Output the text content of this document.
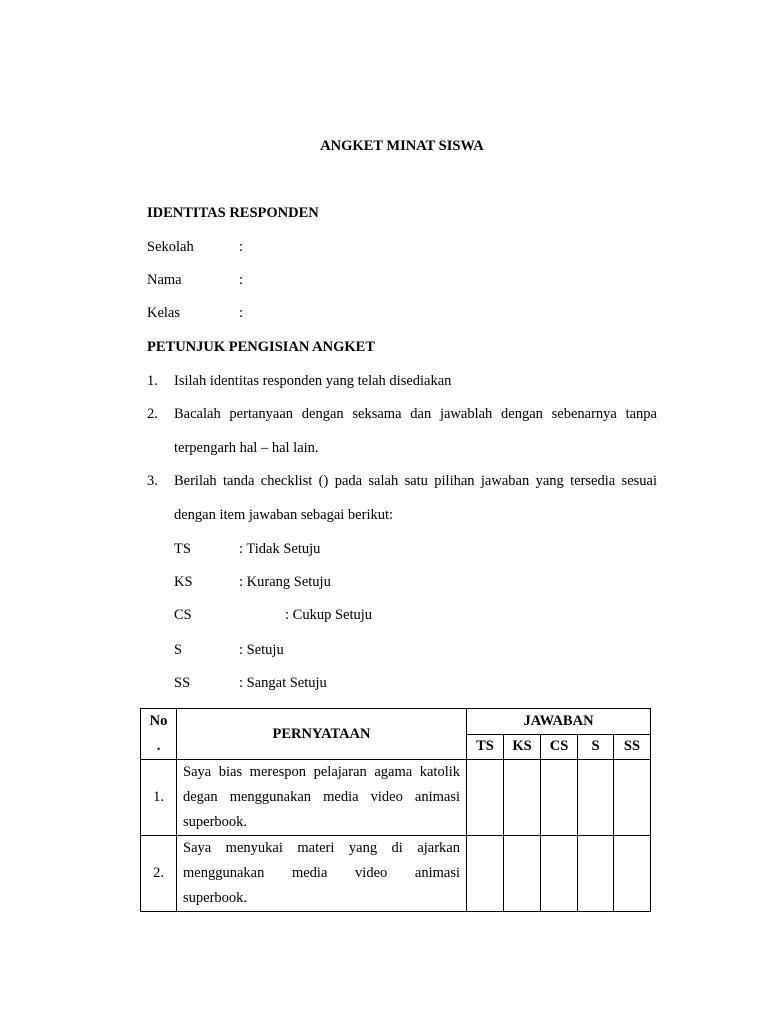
ANGKET MINAT SISWA
IDENTITAS RESPONDEN
Sekolah	:
Nama	:
Kelas	:
PETUNJUK PENGISIAN ANGKET
1. Isilah identitas responden yang telah disediakan
2. Bacalah pertanyaan dengan seksama dan jawablah dengan sebenarnya tanpa
terpengarh hal – hal lain.
3. Berilah tanda checklist () pada salah satu pilihan jawaban yang tersedia sesuai
dengan item jawaban sebagai berikut:
TS	: Tidak Setuju
KS	: Kurang Setuju
CS	: Cukup Setuju
S	: Setuju
SS	: Sangat Setuju
No
.	PERNYATAAN	JAWABAN				
		TS	KS	CS	S	SS
1.	Saya bias merespon pelajaran agama katolik
degan menggunakan media video animasi
superbook.					

2.	Saya menyukai materi yang di ajarkan
menggunakan media video animasi
superbook.					
